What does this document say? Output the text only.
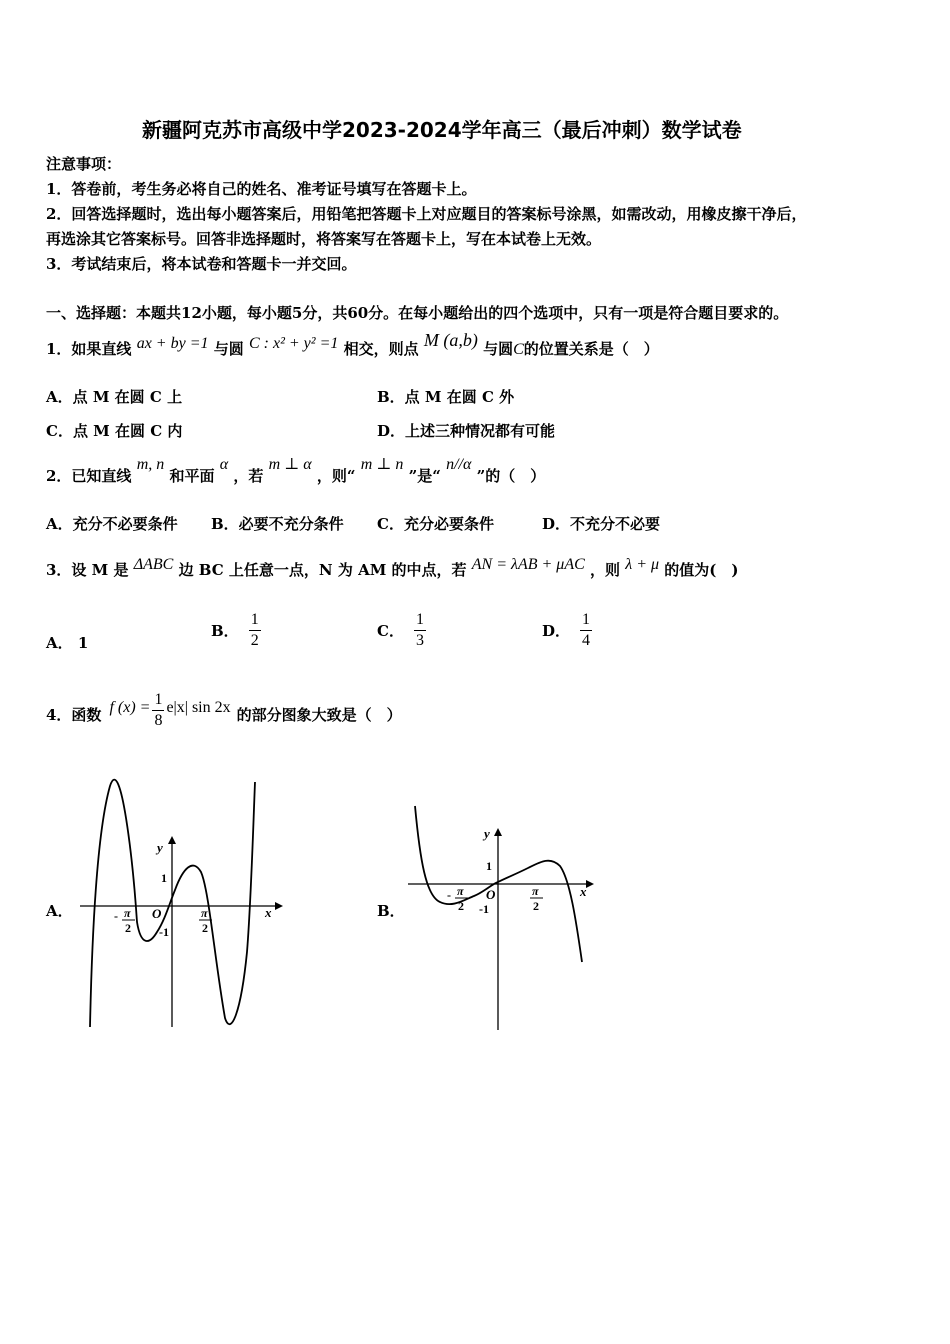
新疆阿克苏市高级中学2023-2024学年高三（最后冲刺）数学试卷
注意事项：
1．答卷前，考生务必将自己的姓名、准考证号填写在答题卡上。
2．回答选择题时，选出每小题答案后，用铅笔把答题卡上对应题目的答案标号涂黑，如需改动，用橡皮擦干净后，
再选涂其它答案标号。回答非选择题时，将答案写在答题卡上，写在本试卷上无效。
3．考试结束后，将本试卷和答题卡一并交回。
一、选择题：本题共12小题，每小题5分，共60分。在每小题给出的四个选项中，只有一项是符合题目要求的。
1．如果直线 ax + by =1 与圆 C : x² + y² =1 相交，则点 M (a,b) 与圆C的位置关系是（　）
A．点 M 在圆 C 上	B．点 M 在圆 C 外
C．点 M 在圆 C 内	D．上述三种情况都有可能
2．已知直线 m, n 和平面 α ，若 m ⊥ α ，则“ m ⊥ n ”是“ n//α ”的（　）
A．充分不必要条件 B．必要不充分条件 C．充分必要条件	D．不充分不必要
3．设 M 是 ΔABC 边 BC 上任意一点，N 为 AM 的中点，若 AN = λAB + μAC ，则 λ + μ 的值为(　)
A． 1
B． $\frac{1}{2}$	C． $\frac{1}{3}$	D． $\frac{1}{4}$
4．函数 f $(x) = \frac{1}{8} e|x|$ sin 2x 的部分图象大致是（　）
A．
y
x
1
-1
O
- π
2
π
2
B．
y
x
1
-1
O
- π
2
π
2
